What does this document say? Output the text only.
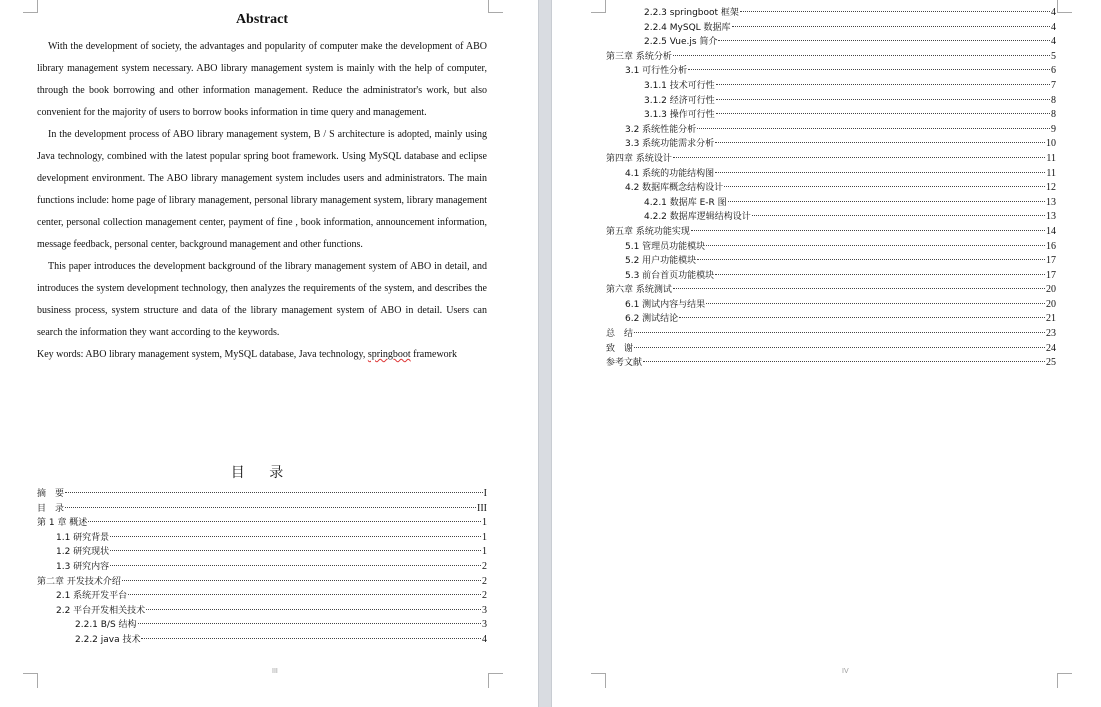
Abstract

With the development of society, the advantages and popularity of computer make the development of ABO library management system necessary. ABO library management system is mainly with the help of computer, through the book borrowing and other information management. Reduce the administrator's work, but also convenient for the majority of users to borrow books information in time query and management.

In the development process of ABO library management system, B / S architecture is adopted, mainly using Java technology, combined with the latest popular spring boot framework. Using MySQL database and eclipse development environment. The ABO library management system includes users and administrators. The main functions include: home page of library management, personal library management system, library management center, personal collection management center, payment of fine , book information, announcement information, message feedback, personal center, background management and other functions.

This paper introduces the development background of the library management system of ABO in detail, and introduces the system development technology, then analyzes the requirements of the system, and describes the business process, system structure and data of the library management system of ABO in detail. Users can search the information they want according to the keywords.

Key words: ABO library management system, MySQL database, Java technology, springboot framework

目 录
摘　要	I
目　录	III
第 1 章 概述	1
1.1 研究背景	1
1.2 研究现状	1
1.3 研究内容	2
第二章 开发技术介绍	2
2.1 系统开发平台	2
2.2 平台开发相关技术	3
2.2.1 B/S 结构	3
2.2.2 java 技术	4
III	IV
2.2.3 springboot 框架	4
2.2.4 MySQL 数据库	4
2.2.5 Vue.js 简介	4
第三章 系统分析	5
3.1 可行性分析	6
3.1.1 技术可行性	7
3.1.2 经济可行性	8
3.1.3 操作可行性	8
3.2 系统性能分析	9
3.3 系统功能需求分析	10
第四章 系统设计	11
4.1 系统的功能结构图	11
4.2 数据库概念结构设计	12
4.2.1 数据库 E-R 图	13
4.2.2 数据库逻辑结构设计	13
第五章 系统功能实现	14
5.1 管理员功能模块	16
5.2 用户功能模块	17
5.3 前台首页功能模块	17
第六章 系统测试	20
6.1 测试内容与结果	20
6.2 测试结论	21
总　结	23
致　谢	24
参考文献	25
